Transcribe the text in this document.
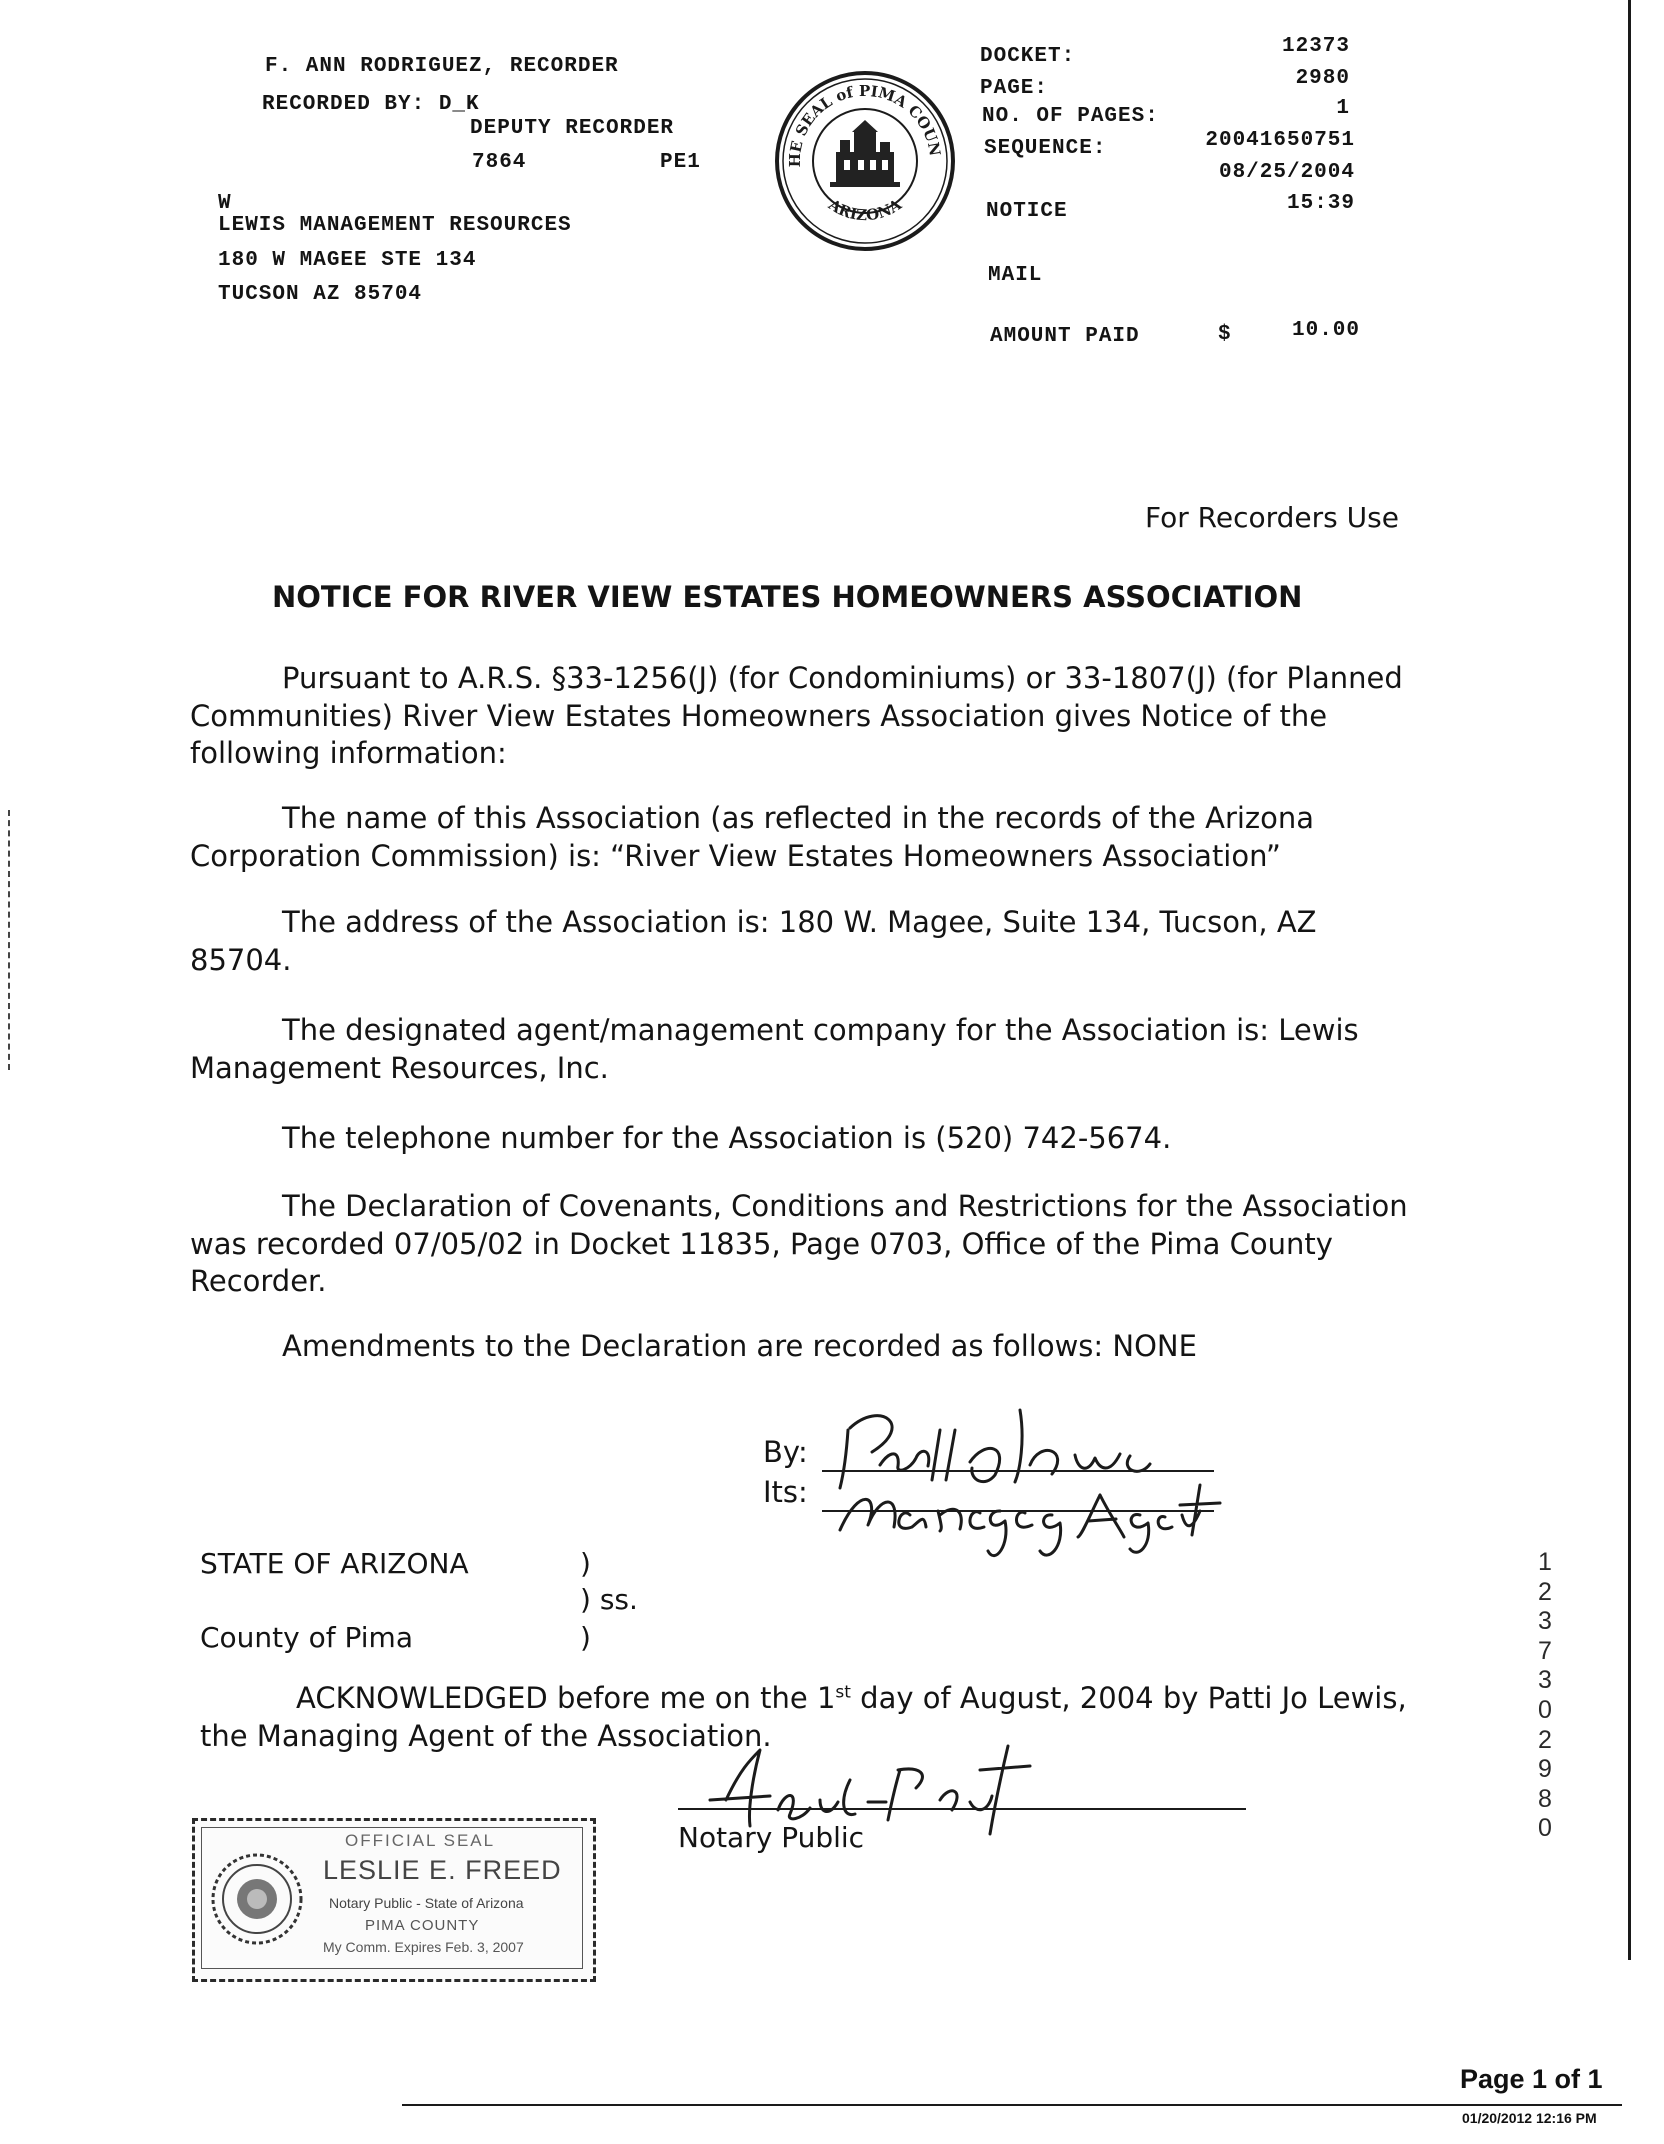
F. ANN RODRIGUEZ, RECORDER
RECORDED BY: D_K
DEPUTY RECORDER
7864	PE1
W
LEWIS MANAGEMENT RESOURCES
180 W MAGEE STE 134
TUCSON AZ 85704
HE SEAL of PIMA COUN
ARIZONA
DOCKET:	12373
PAGE:	2980
NO. OF PAGES:	1
SEQUENCE:	20041650751
08/25/2004
NOTICE	15:39
MAIL
AMOUNT PAID	$	10.00
For Recorders Use
NOTICE FOR RIVER VIEW ESTATES HOMEOWNERS ASSOCIATION
Pursuant to A.R.S. §33-1256(J) (for Condominiums) or 33-1807(J) (for Planned Communities) River View Estates Homeowners Association gives Notice of the following information:
The name of this Association (as reflected in the records of the Arizona Corporation Commission) is: “River View Estates Homeowners Association”
The address of the Association is: 180 W. Magee, Suite 134, Tucson, AZ 85704.
The designated agent/management company for the Association is: Lewis Management Resources, Inc.
The telephone number for the Association is (520) 742-5674.
The Declaration of Covenants, Conditions and Restrictions for the Association was recorded 07/05/02 in Docket 11835, Page 0703, Office of the Pima County Recorder.
Amendments to the Declaration are recorded as follows: NONE
By:
Its:
STATE OF ARIZONA	)
) ss.
County of Pima	)
ACKNOWLEDGED before me on the 1st day of August, 2004 by Patti Jo Lewis, the Managing Agent of the Association.
Notary Public
OFFICIAL SEAL
LESLIE E. FREED
Notary Public - State of Arizona
PIMA COUNTY
My Comm. Expires Feb. 3, 2007
12373 02980
Page 1 of 1
01/20/2012 12:16 PM
